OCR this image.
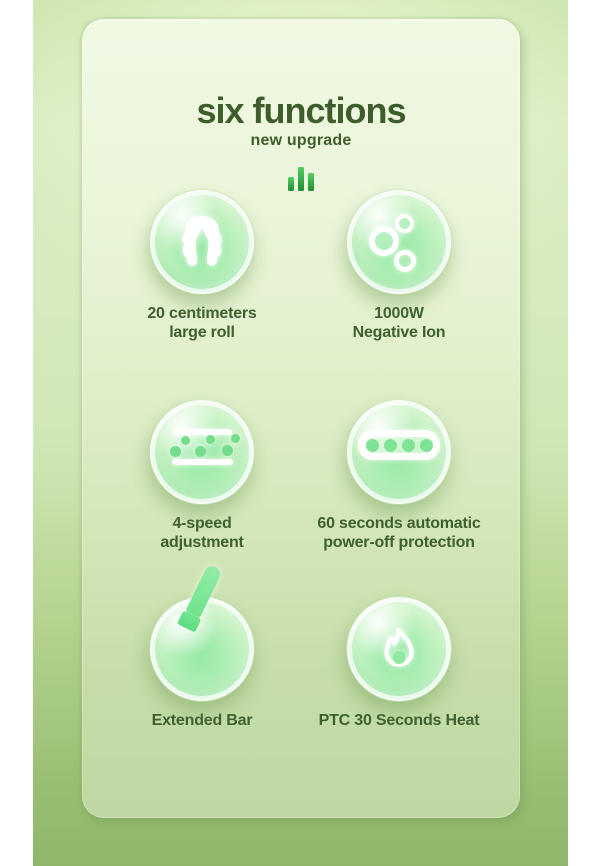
six functions
new upgrade
20 centimeters
large roll
1000W
Negative Ion
4-speed
adjustment
60 seconds automatic
power-off protection
Extended Bar	PTC 30 Seconds Heat
